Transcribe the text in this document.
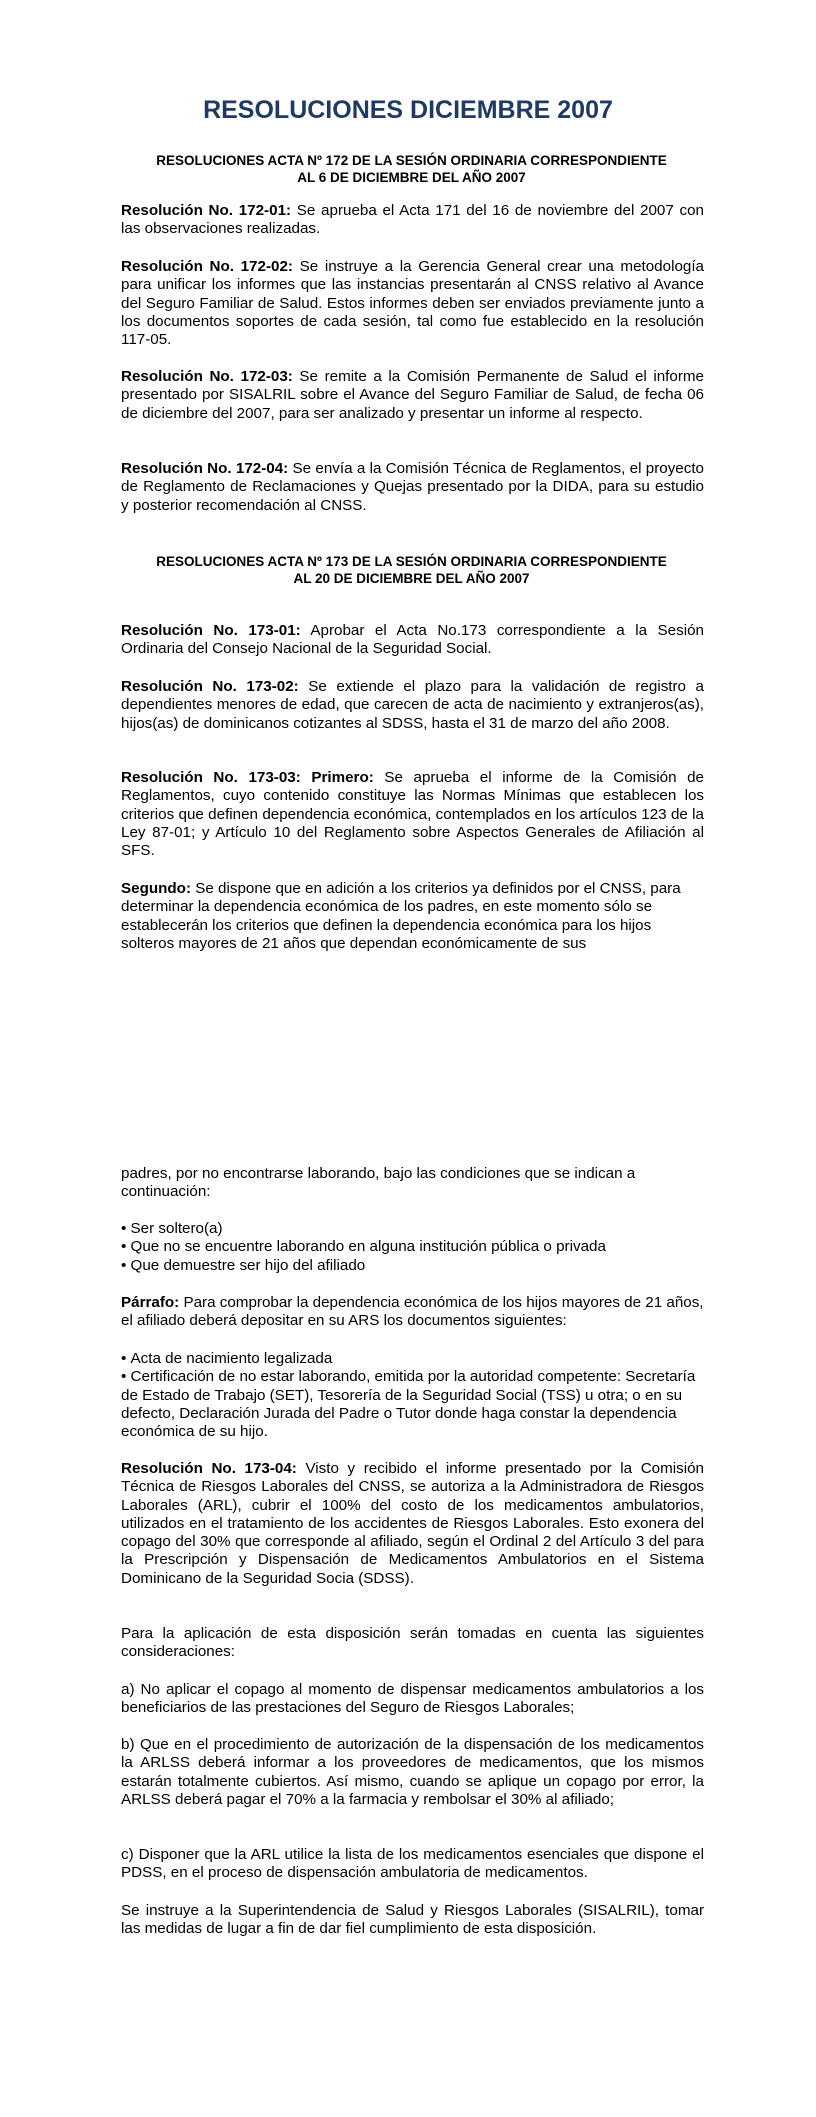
RESOLUCIONES DICIEMBRE 2007
RESOLUCIONES ACTA Nº 172 DE LA SESIÓN ORDINARIA CORRESPONDIENTE
AL 6 DE DICIEMBRE DEL AÑO 2007

Resolución No. 172-01: Se aprueba el Acta 171 del 16 de noviembre del 2007 con las observaciones realizadas.

Resolución No. 172-02: Se instruye a la Gerencia General crear una metodología para unificar los informes que las instancias presentarán al CNSS relativo al Avance del Seguro Familiar de Salud. Estos informes deben ser enviados previamente junto a los documentos soportes de cada sesión, tal como fue establecido en la resolución 117-05.

Resolución No. 172-03: Se remite a la Comisión Permanente de Salud el informe presentado por SISALRIL sobre el Avance del Seguro Familiar de Salud, de fecha 06 de diciembre del 2007, para ser analizado y presentar un informe al respecto.

Resolución No. 172-04: Se envía a la Comisión Técnica de Reglamentos, el proyecto de Reglamento de Reclamaciones y Quejas presentado por la DIDA, para su estudio y posterior recomendación al CNSS.

RESOLUCIONES ACTA Nº 173 DE LA SESIÓN ORDINARIA CORRESPONDIENTE
AL 20 DE DICIEMBRE DEL AÑO 2007

Resolución No. 173-01: Aprobar el Acta No.173 correspondiente a la Sesión Ordinaria del Consejo Nacional de la Seguridad Social.

Resolución No. 173-02: Se extiende el plazo para la validación de registro a dependientes menores de edad, que carecen de acta de nacimiento y extranjeros(as), hijos(as) de dominicanos cotizantes al SDSS, hasta el 31 de marzo del año 2008.

Resolución No. 173-03: Primero: Se aprueba el informe de la Comisión de Reglamentos, cuyo contenido constituye las Normas Mínimas que establecen los criterios que definen dependencia económica, contemplados en los artículos 123 de la Ley 87-01; y Artículo 10 del Reglamento sobre Aspectos Generales de Afiliación al SFS.

Segundo: Se dispone que en adición a los criterios ya definidos por el CNSS, para determinar la dependencia económica de los padres, en este momento sólo se establecerán los criterios que definen la dependencia económica para los hijos solteros mayores de 21 años que dependan económicamente de sus

padres, por no encontrarse laborando, bajo las condiciones que se indican a continuación:

• Ser soltero(a)
• Que no se encuentre laborando en alguna institución pública o privada
• Que demuestre ser hijo del afiliado

Párrafo: Para comprobar la dependencia económica de los hijos mayores de 21 años, el afiliado deberá depositar en su ARS los documentos siguientes:

• Acta de nacimiento legalizada
• Certificación de no estar laborando, emitida por la autoridad competente: Secretaría de Estado de Trabajo (SET), Tesorería de la Seguridad Social (TSS) u otra; o en su defecto, Declaración Jurada del Padre o Tutor donde haga constar la dependencia económica de su hijo.

Resolución No. 173-04: Visto y recibido el informe presentado por la Comisión Técnica de Riesgos Laborales del CNSS, se autoriza a la Administradora de Riesgos Laborales (ARL), cubrir el 100% del costo de los medicamentos ambulatorios, utilizados en el tratamiento de los accidentes de Riesgos Laborales. Esto exonera del copago del 30% que corresponde al afiliado, según el Ordinal 2 del Artículo 3 del para la Prescripción y Dispensación de Medicamentos Ambulatorios en el Sistema Dominicano de la Seguridad Socia (SDSS).

Para la aplicación de esta disposición serán tomadas en cuenta las siguientes consideraciones:

a) No aplicar el copago al momento de dispensar medicamentos ambulatorios a los beneficiarios de las prestaciones del Seguro de Riesgos Laborales;

b) Que en el procedimiento de autorización de la dispensación de los medicamentos la ARLSS deberá informar a los proveedores de medicamentos, que los mismos estarán totalmente cubiertos. Así mismo, cuando se aplique un copago por error, la ARLSS deberá pagar el 70% a la farmacia y rembolsar el 30% al afiliado;

c) Disponer que la ARL utilice la lista de los medicamentos esenciales que dispone el PDSS, en el proceso de dispensación ambulatoria de medicamentos.

Se instruye a la Superintendencia de Salud y Riesgos Laborales (SISALRIL), tomar las medidas de lugar a fin de dar fiel cumplimiento de esta disposición.
